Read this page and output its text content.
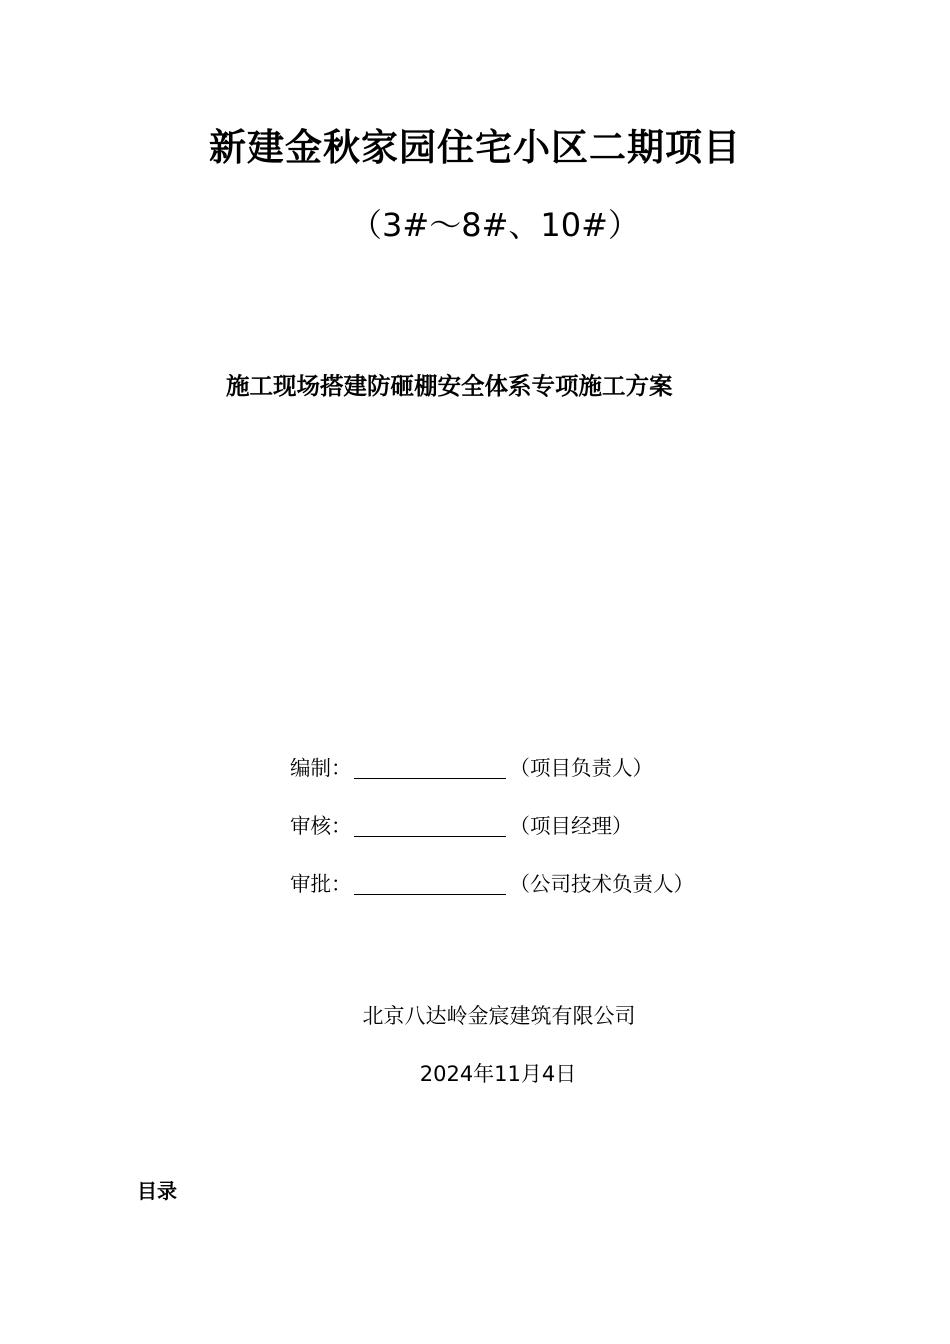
新建金秋家园住宅小区二期项目
（3#～8#、10#）
施工现场搭建防砸棚安全体系专项施工方案
编制：	（项目负责人）
审核：	（项目经理）
审批：	（公司技术负责人）
北京八达岭金宸建筑有限公司
2024年11月4日
目录
